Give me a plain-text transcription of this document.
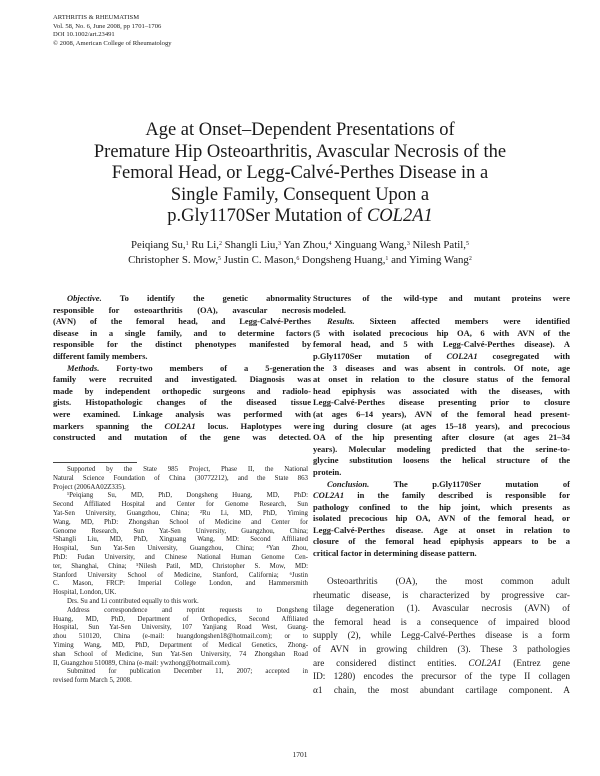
ARTHRITIS & RHEUMATISM
Vol. 58, No. 6, June 2008, pp 1701–1706
DOI 10.1002/art.23491
© 2008, American College of Rheumatology
Age at Onset–Dependent Presentations of
Premature Hip Osteoarthritis, Avascular Necrosis of the
Femoral Head, or Legg-Calvé-Perthes Disease in a
Single Family, Consequent Upon a
p.Gly1170Ser Mutation of COL2A1
Peiqiang Su,$^1$ Ru Li,$^2$ Shangli Liu,$^3$ Yan Zhou,$^4$ Xinguang Wang,$^3$ Nilesh Patil,$^5$
Christopher S. Mow,$^5$ Justin C. Mason,$^6$ Dongsheng Huang,$^1$ and Yiming Wang$^2$
Objective. To identify the genetic abnormality
responsible for osteoarthritis (OA), avascular necrosis
(AVN) of the femoral head, and Legg-Calvé-Perthes
disease in a single family, and to determine factors
responsible for the distinct phenotypes manifested by
different family members.
Methods. Forty-two members of a 5-generation
family were recruited and investigated. Diagnosis was
made by independent orthopedic surgeons and radiolo-
gists. Histopathologic changes of the diseased tissue
were examined. Linkage analysis was performed with
markers spanning the COL2A1 locus. Haplotypes were
constructed and mutation of the gene was detected.
Structures of the wild-type and mutant proteins were
modeled.
Results. Sixteen affected members were identified
(5 with isolated precocious hip OA, 6 with AVN of the
femoral head, and 5 with Legg-Calvé-Perthes disease). A
p.Gly1170Ser mutation of COL2A1 cosegregated with
the 3 diseases and was absent in controls. Of note, age
at onset in relation to the closure status of the femoral
head epiphysis was associated with the diseases, with
Legg-Calvé-Perthes disease presenting prior to closure
(at ages 6–14 years), AVN of the femoral head present-
ing during closure (at ages 15–18 years), and precocious
OA of the hip presenting after closure (at ages 21–34
years). Molecular modeling predicted that the serine-to-
glycine substitution loosens the helical structure of the
protein.
Conclusion. The p.Gly1170Ser mutation of
COL2A1 in the family described is responsible for
pathology confined to the hip joint, which presents as
isolated precocious hip OA, AVN of the femoral head, or
Legg-Calvé-Perthes disease. Age at onset in relation to
closure of the femoral head epiphysis appears to be a
critical factor in determining disease pattern.
Supported by the State 985 Project, Phase II, the National
Natural Science Foundation of China (30772212), and the State 863
Project (2006AA02Z335).
¹Peiqiang Su, MD, PhD, Dongsheng Huang, MD, PhD:
Second Affiliated Hospital and Center for Genome Research, Sun
Yat-Sen University, Guangzhou, China; ²Ru Li, MD, PhD, Yiming
Wang, MD, PhD: Zhongshan School of Medicine and Center for
Genome Research, Sun Yat-Sen University, Guangzhou, China;
³Shangli Liu, MD, PhD, Xinguang Wang, MD: Second Affiliated
Hospital, Sun Yat-Sen University, Guangzhou, China; ⁴Yan Zhou,
PhD: Fudan University, and Chinese National Human Genome Cen-
ter, Shanghai, China; ⁵Nilesh Patil, MD, Christopher S. Mow, MD:
Stanford University School of Medicine, Stanford, California; ⁶Justin
C. Mason, FRCP: Imperial College London, and Hammersmith
Hospital, London, UK.
Drs. Su and Li contributed equally to this work.
Address correspondence and reprint requests to Dongsheng
Huang, MD, PhD, Department of Orthopedics, Second Affiliated
Hospital, Sun Yat-Sen University, 107 Yanjiang Road West, Guang-
zhou 510120, China (e-mail: huangdongshen18@hotmail.com); or to
Yiming Wang, MD, PhD, Department of Medical Genetics, Zhong-
shan School of Medicine, Sun Yat-Sen University, 74 Zhongshan Road
II, Guangzhou 510089, China (e-mail: ywzhong@hotmail.com).
Submitted for publication December 11, 2007; accepted in
revised form March 5, 2008.
Osteoarthritis (OA), the most common adult
rheumatic disease, is characterized by progressive car-
tilage degeneration (1). Avascular necrosis (AVN) of
the femoral head is a consequence of impaired blood
supply (2), while Legg-Calvé-Perthes disease is a form
of AVN in growing children (3). These 3 pathologies
are considered distinct entities. COL2A1 (Entrez gene
ID: 1280) encodes the precursor of the type II collagen
α1 chain, the most abundant cartilage component. A
1701
